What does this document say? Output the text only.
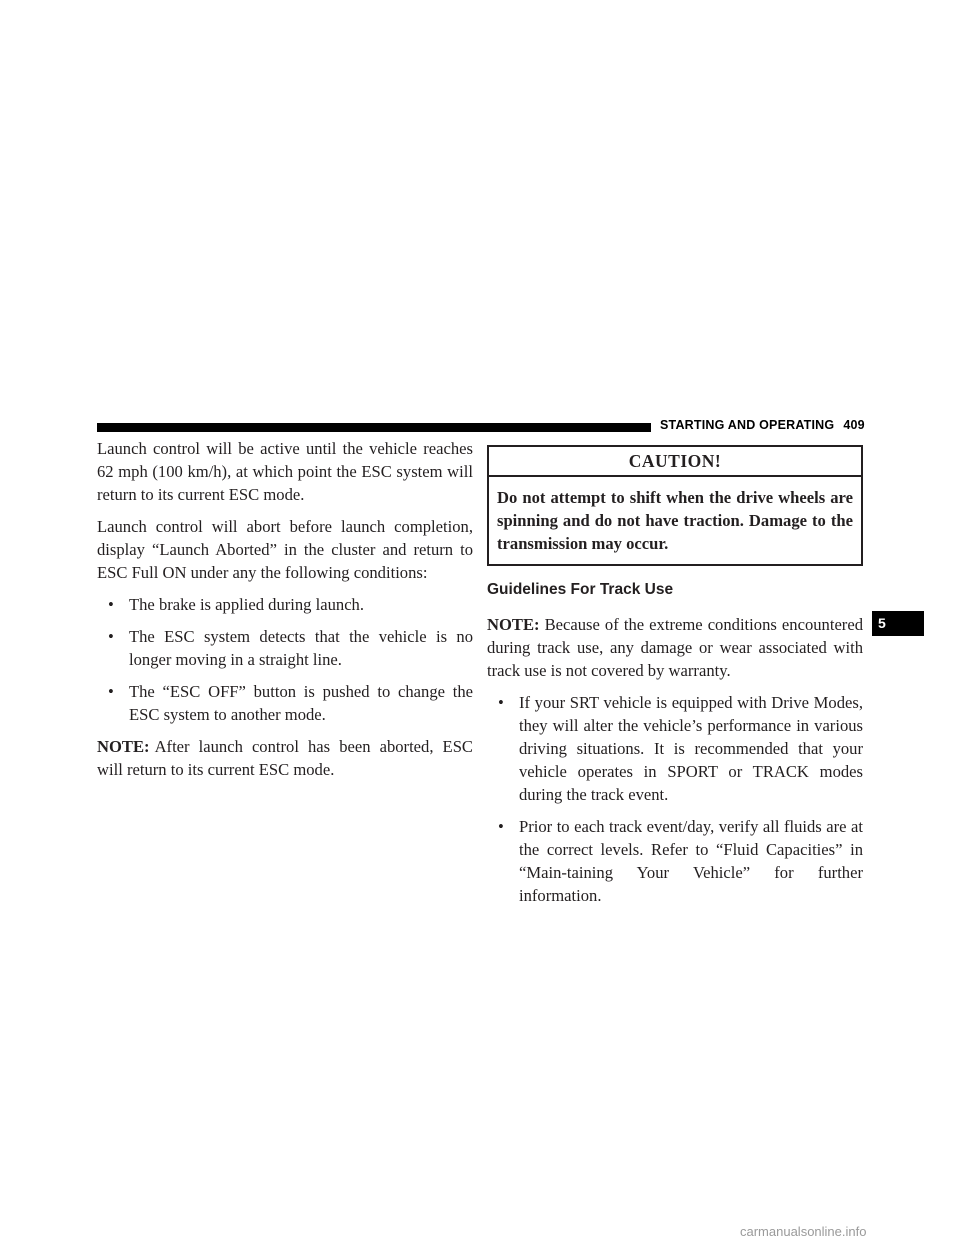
STARTING AND OPERATING 409

Launch control will be active until the vehicle reaches 62 mph (100 km/h), at which point the ESC system will return to its current ESC mode.

Launch control will abort before launch completion, display “Launch Aborted” in the cluster and return to ESC Full ON under any the following conditions:

• The brake is applied during launch.
• The ESC system detects that the vehicle is no longer moving in a straight line.
• The “ESC OFF” button is pushed to change the ESC system to another mode.

NOTE: After launch control has been aborted, ESC will return to its current ESC mode.

CAUTION!
Do not attempt to shift when the drive wheels are spinning and do not have traction. Damage to the transmission may occur.
Guidelines For Track Use

NOTE: Because of the extreme conditions encountered during track use, any damage or wear associated with track use is not covered by warranty.

• If your SRT vehicle is equipped with Drive Modes, they will alter the vehicle’s performance in various driving situations. It is recommended that your vehicle operates in SPORT or TRACK modes during the track event.
• Prior to each track event/day, verify all fluids are at the correct levels. Refer to “Fluid Capacities” in “Main-taining Your Vehicle” for further information.
5
carmanualsonline.info
